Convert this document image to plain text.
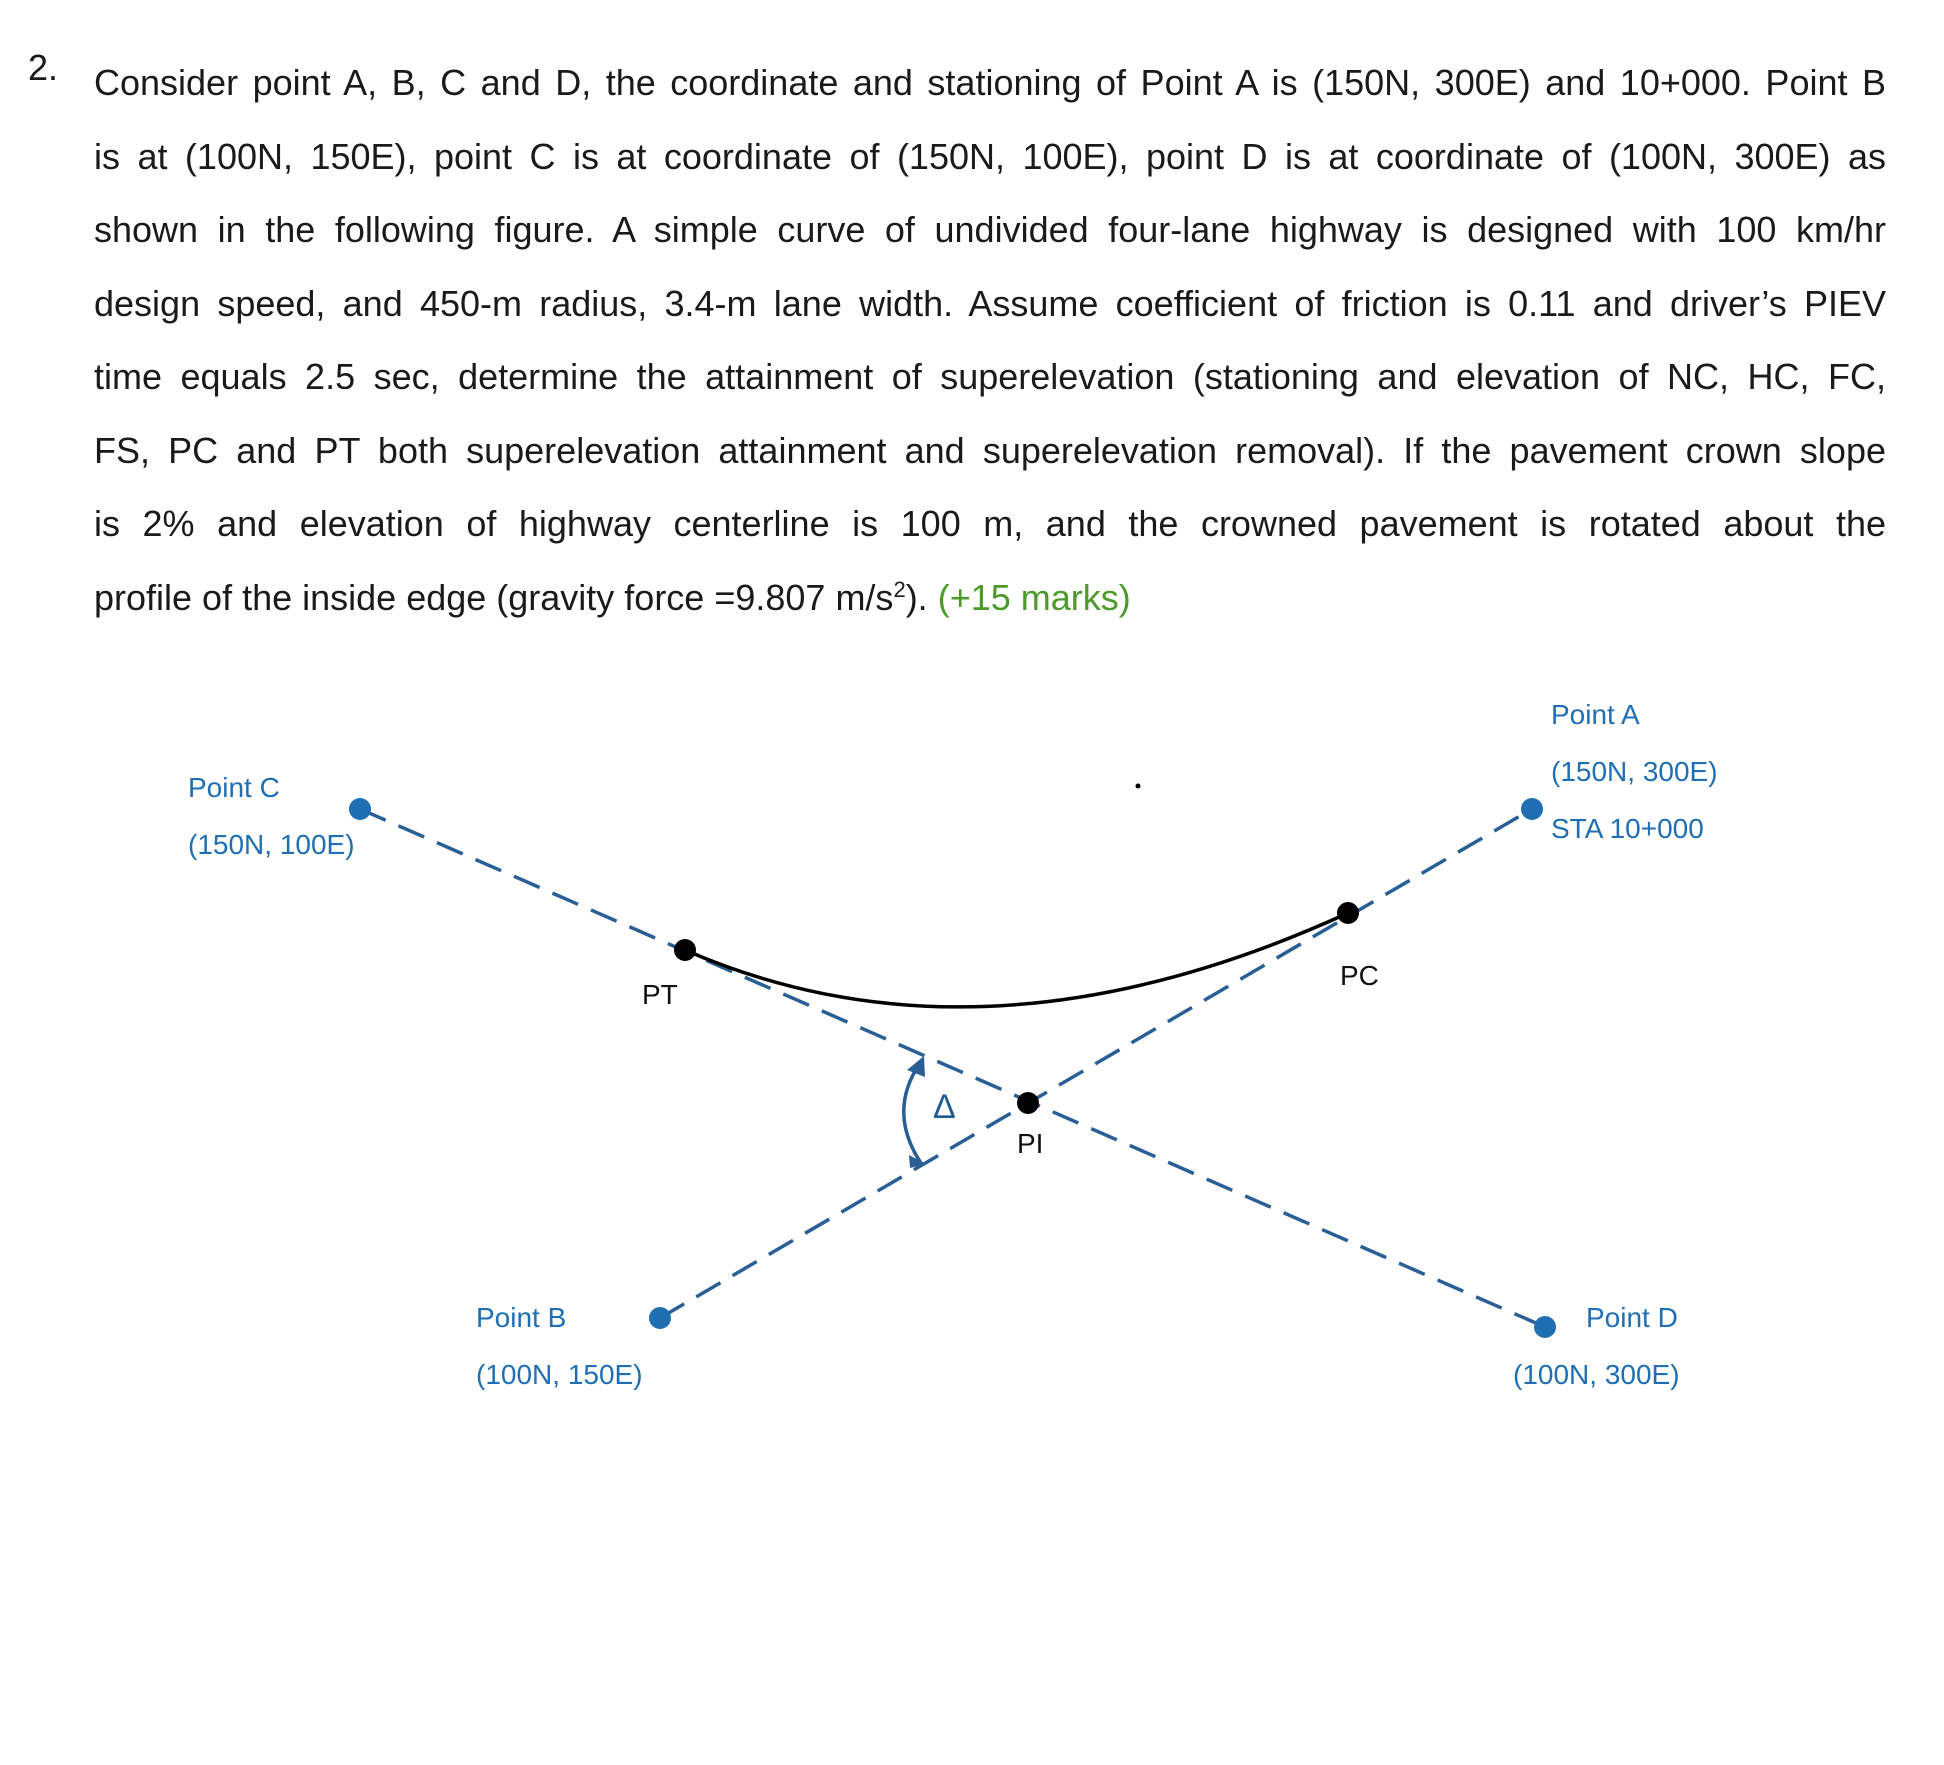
2. Consider point A, B, C and D, the coordinate and stationing of Point A is (150N, 300E) and 10+000. Point B
is at (100N, 150E), point C is at coordinate of (150N, 100E), point D is at coordinate of (100N, 300E) as
shown in the following figure. A simple curve of undivided four-lane highway is designed with 100 km/hr
design speed, and 450-m radius, 3.4-m lane width. Assume coefficient of friction is 0.11 and driver’s PIEV
time equals 2.5 sec, determine the attainment of superelevation (stationing and elevation of NC, HC, FC,
FS, PC and PT both superelevation attainment and superelevation removal). If the pavement crown slope
is 2% and elevation of highway centerline is 100 m, and the crowned pavement is rotated about the
profile of the inside edge (gravity force =9.807 $m/s^2$). (+15 marks)
Point A
(150N, 300E)
STA 10+000
Point C
(150N, 100E)
Point B
(100N, 150E)
Point D
(100N, 300E)
PT
PC
PI
Δ
